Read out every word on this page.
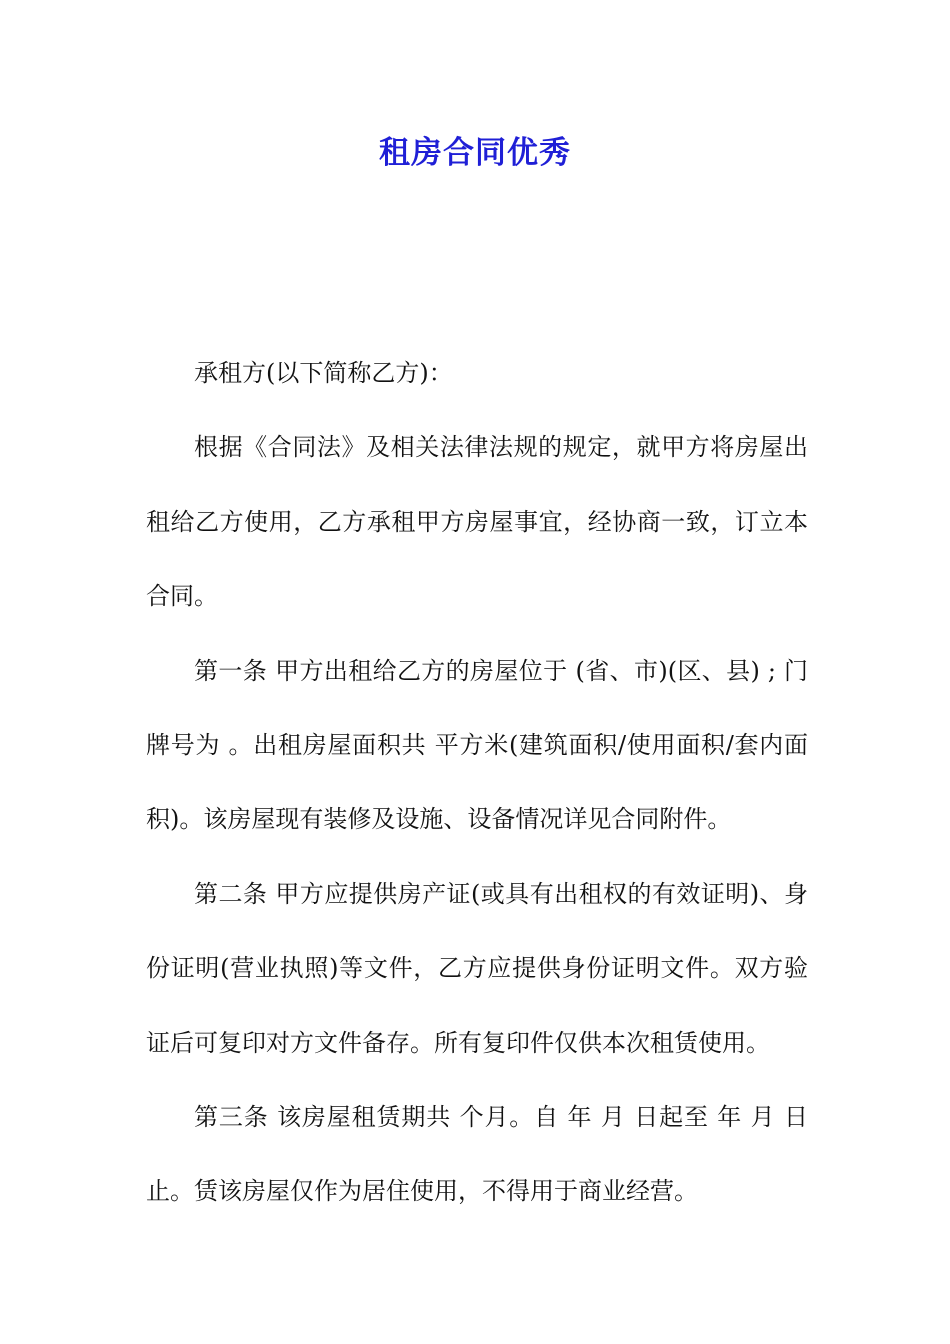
租房合同优秀

承租方(以下简称乙方)：

根据《合同法》及相关法律法规的规定，就甲方将房屋出租给乙方使用，乙方承租甲方房屋事宜，经协商一致，订立本合同。

第一条 甲方出租给乙方的房屋位于 (省、市)(区、县) ; 门牌号为 。出租房屋面积共 平方米(建筑面积/使用面积/套内面积)。该房屋现有装修及设施、设备情况详见合同附件。

第二条 甲方应提供房产证(或具有出租权的有效证明)、身份证明(营业执照)等文件，乙方应提供身份证明文件。双方验证后可复印对方文件备存。所有复印件仅供本次租赁使用。

第三条 该房屋租赁期共 个月。自 年 月 日起至 年 月 日止。赁该房屋仅作为居住使用，不得用于商业经营。
